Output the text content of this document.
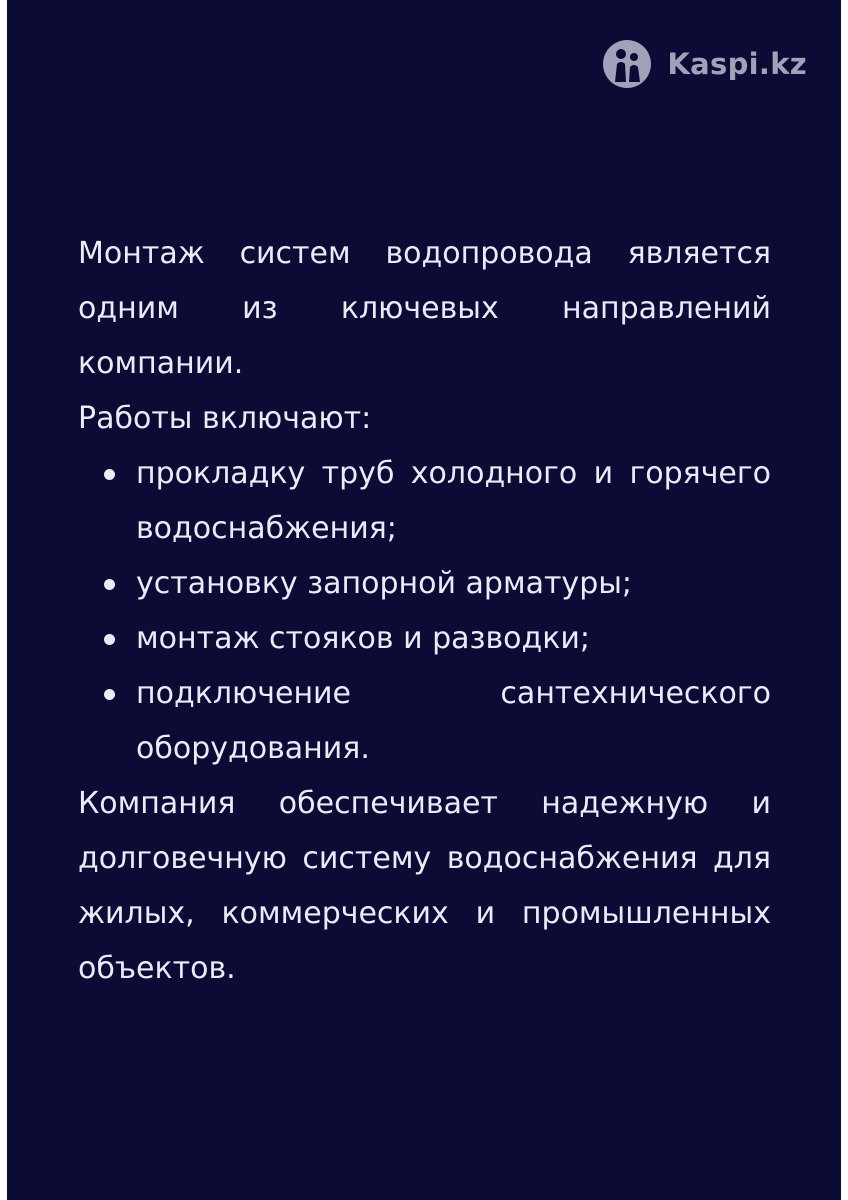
Kaspi.kz

Монтаж систем водопровода является одним из ключевых направлений компании.

Работы включают:

прокладку труб холодного и горячего водоснабжения;
установку запорной арматуры;
монтаж стояков и разводки;
подключение сантехнического оборудования.

Компания обеспечивает надежную и долговечную систему водоснабжения для жилых, коммерческих и промышленных объектов.
